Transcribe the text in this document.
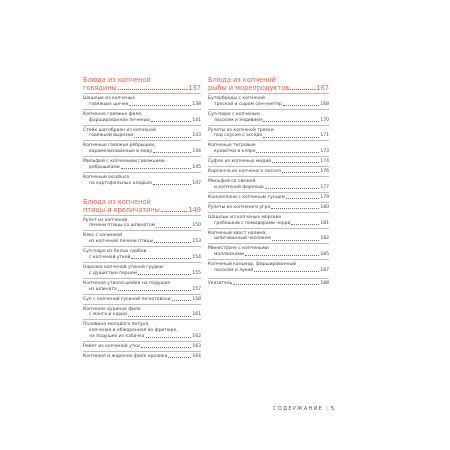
Блюда из копченой
говядины	137
Шашлык из копченых
говяжьих щечек	138
Копченое говяжье филе,
фаршированное печенью	141
Стейк шатобриан из копченой
говяжьей вырезки	143
Копченые говяжьи ребрышки,
карамелизованные в меду	144
Мильфей с копчеными говяжьими
ребрышками	145
Копченый ossobuco
на картофельных оладьях	147
Блюда из копченой
птицы и кроличатины	149
Рулет из копченой
печени птицы со шпинатом	150
Кекс с начинкой
из копченой печени птицы	153
Суп-пюре из белых грибов
с копченой уткой	154
Нарезка копченой утиной грудки
с душистым перцем	155
Копченая утиная шейка на подушке
из шпината	157
Суп с копченой гусиной по-хотайски	158
Копченое куриное филе
с манго и карри	161
Половина молодого петуха,
копченая и обжаренная во фритюре,
на подушке из кабачка	162
Рийет из копченой утки	163
Копченое и жареное филе кролика	164
Блюда из копченой
рыбы и морепродуктов	167
Бутерброды с копченой
треской и сыром сен-нектер	168
Суп-пюре с копченым
лососем и эндивием	170
Рулеты из копченой трески
под соусом с эсседо	171
Копченые тигровые
креветки в кляре	173
Суфле из копченых мидий	174
Карпаччо из копченого лосося	176
Мильфей со свежей
и копченой форелью	177
Каннеллони с копченым тунцом	179
Рулеты из копченого угря	180
Шашлык из копченых морских
гребешков с помидорами черри	181
Копченый хвост налима,
шпигованный чесноком	182
Минестроне с копчеными
моллюсками	185
Копченый кальмар, фаршированный
лососем и лукой	187
Указатель	188
СОДЕРЖАНИЕ | 5
